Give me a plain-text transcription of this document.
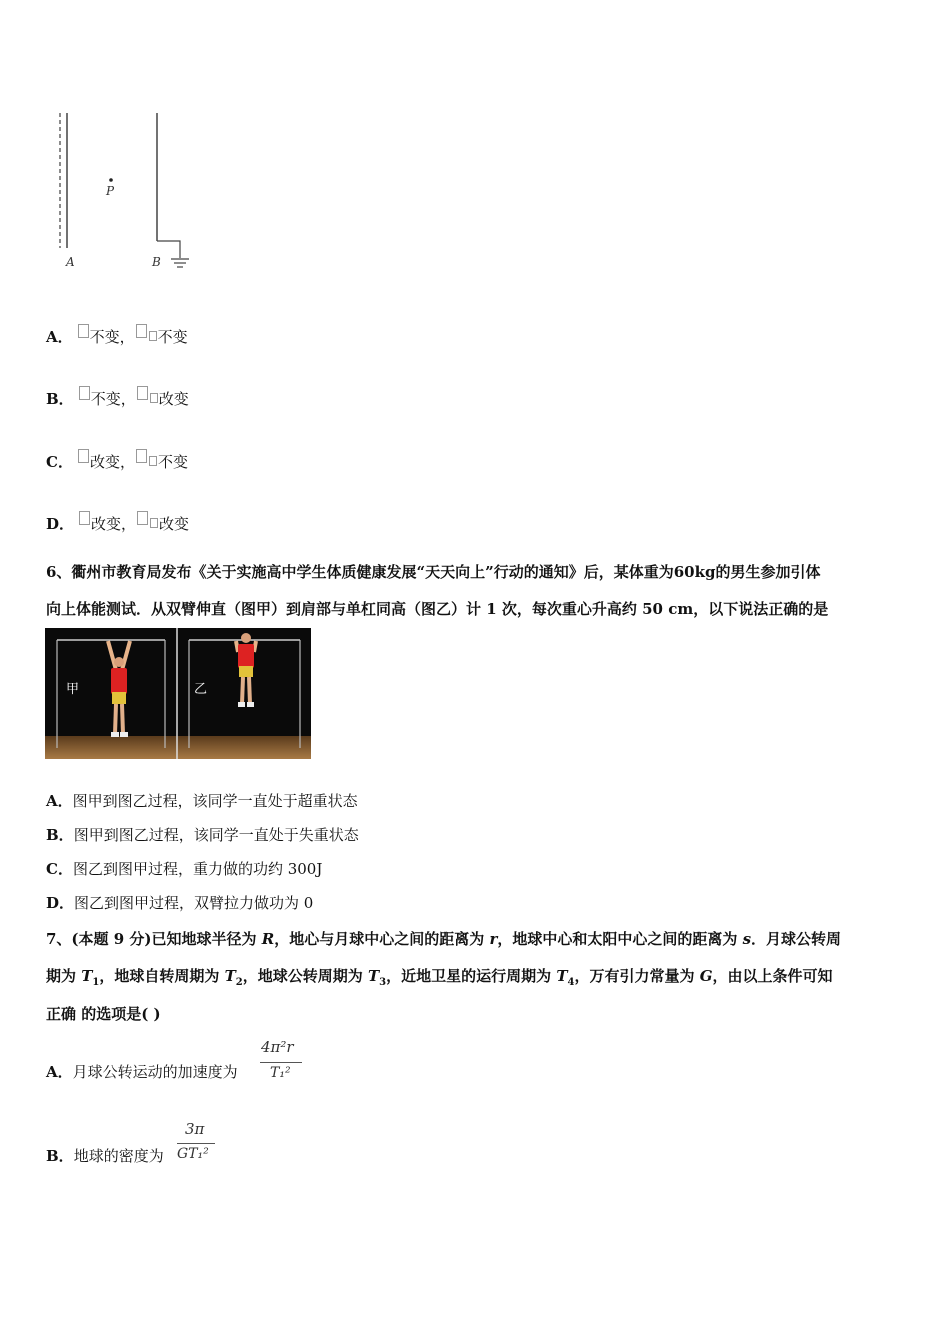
P
A	B
A． 不变， 不变
B． 不变， 改变
C． 改变， 不变
D． 改变， 改变
6、衢州市教育局发布《关于实施高中学生体质健康发展“天天向上”行动的通知》后，某体重为60kg的男生参加引体
向上体能测试．从双臂伸直（图甲）到肩部与单杠同高（图乙）计 1 次，每次重心升高约 50 cm，以下说法正确的是
甲	乙
A．图甲到图乙过程，该同学一直处于超重状态
B．图甲到图乙过程，该同学一直处于失重状态
C．图乙到图甲过程，重力做的功约 300J
D．图乙到图甲过程，双臂拉力做功为 0
7、(本题 9 分)已知地球半径为 R，地心与月球中心之间的距离为 r，地球中心和太阳中心之间的距离为 s．月球公转周
期为 $T_1$，地球自转周期为 $T_2$，地球公转周期为 $T_3$，近地卫星的运行周期为 $T_4$，万有引力常量为 G，由以上条件可知
正确 的选项是( )
A．月球公转运动的加速度为
4π²r
T₁²
B．地球的密度为
3π
GT₁²
